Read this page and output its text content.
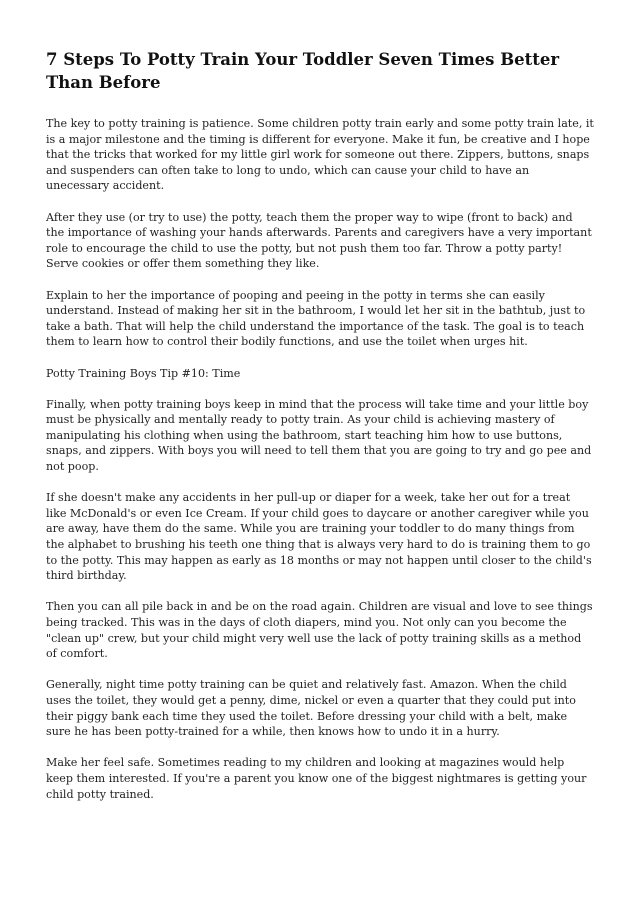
7 Steps To Potty Train Your Toddler Seven Times Better Than Before

The key to potty training is patience. Some children potty train early and some potty train late, it is a major milestone and the timing is different for everyone. Make it fun, be creative and I hope that the tricks that worked for my little girl work for someone out there. Zippers, buttons, snaps and suspenders can often take to long to undo, which can cause your child to have an unecessary accident.

After they use (or try to use) the potty, teach them the proper way to wipe (front to back) and the importance of washing your hands afterwards. Parents and caregivers have a very important role to encourage the child to use the potty, but not push them too far. Throw a potty party! Serve cookies or offer them something they like.

Explain to her the importance of pooping and peeing in the potty in terms she can easily understand. Instead of making her sit in the bathroom, I would let her sit in the bathtub, just to take a bath. That will help the child understand the importance of the task. The goal is to teach them to learn how to control their bodily functions, and use the toilet when urges hit.

Potty Training Boys Tip #10: Time

Finally, when potty training boys keep in mind that the process will take time and your little boy must be physically and mentally ready to potty train. As your child is achieving mastery of manipulating his clothing when using the bathroom, start teaching him how to use buttons, snaps, and zippers. With boys you will need to tell them that you are going to try and go pee and not poop.

If she doesn't make any accidents in her pull-up or diaper for a week, take her out for a treat like McDonald's or even Ice Cream. If your child goes to daycare or another caregiver while you are away, have them do the same. While you are training your toddler to do many things from the alphabet to brushing his teeth one thing that is always very hard to do is training them to go to the potty. This may happen as early as 18 months or may not happen until closer to the child's third birthday.

Then you can all pile back in and be on the road again. Children are visual and love to see things being tracked. This was in the days of cloth diapers, mind you. Not only can you become the "clean up" crew, but your child might very well use the lack of potty training skills as a method of comfort.

Generally, night time potty training can be quiet and relatively fast. Amazon. When the child uses the toilet, they would get a penny, dime, nickel or even a quarter that they could put into their piggy bank each time they used the toilet. Before dressing your child with a belt, make sure he has been potty-trained for a while, then knows how to undo it in a hurry.

Make her feel safe. Sometimes reading to my children and looking at magazines would help keep them interested. If you're a parent you know one of the biggest nightmares is getting your child potty trained.
